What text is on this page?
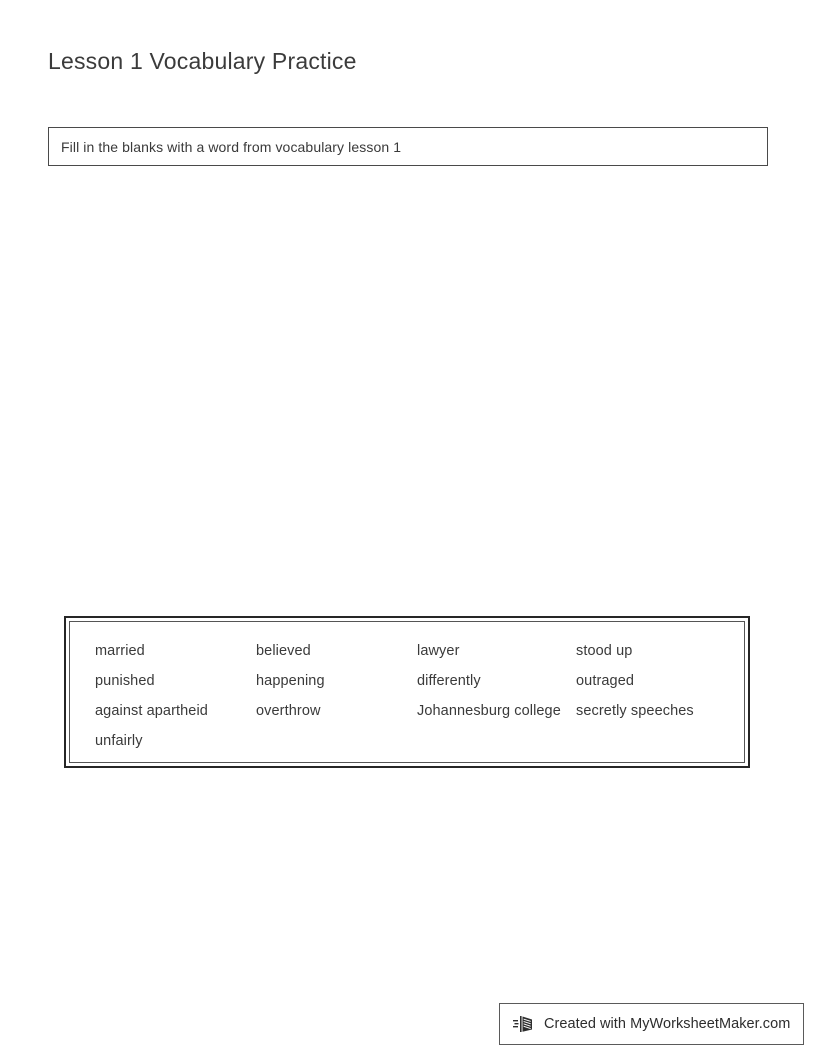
Lesson 1 Vocabulary Practice
Fill in the blanks with a word from vocabulary lesson 1
married	believed	lawyer	stood up
punished	happening	differently	outraged
against apartheid	overthrow	Johannesburg college	secretly speeches
unfairly
Created with MyWorksheetMaker.com
